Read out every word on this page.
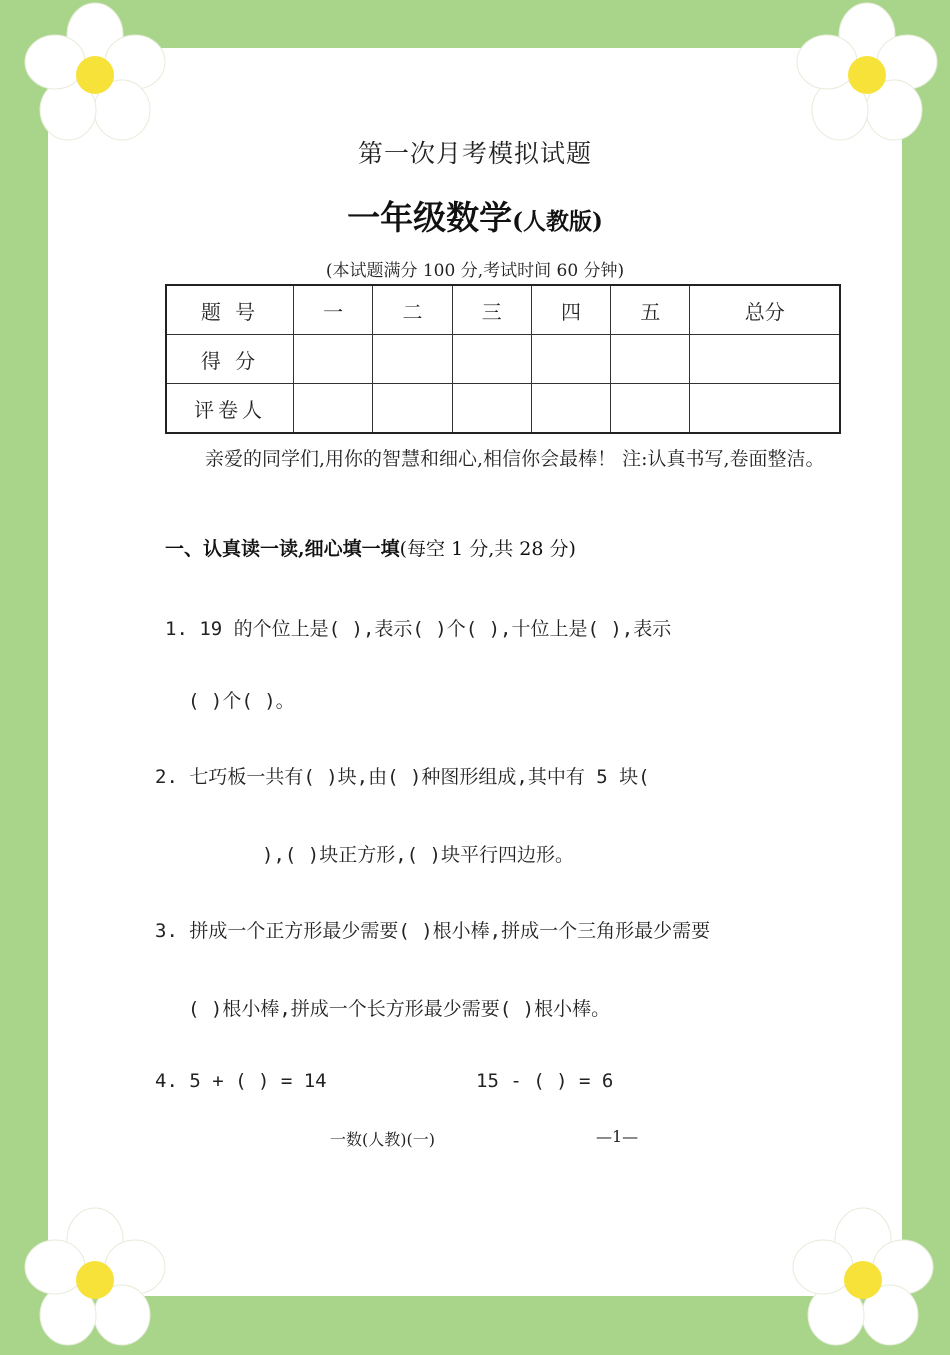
第一次月考模拟试题
一年级数学(人教版)
(本试题满分 100 分,考试时间 60 分钟)
题 号	一	二	三	四	五	总分
得 分						
评卷人						
亲爱的同学们,用你的智慧和细心,相信你会最棒！ 注:认真书写,卷面整洁。
一、认真读一读,细心填一填(每空 1 分,共 28 分)
1. 19 的个位上是( ),表示( )个( ),十位上是( ),表示
( )个( )。
2. 七巧板一共有( )块,由( )种图形组成,其中有 5 块(
),( )块正方形,( )块平行四边形。
3. 拼成一个正方形最少需要( )根小棒,拼成一个三角形最少需要
( )根小棒,拼成一个长方形最少需要( )根小棒。
4. 5 + ( ) = 14	15 - ( ) = 6
一数(人教)(一)	—1—
